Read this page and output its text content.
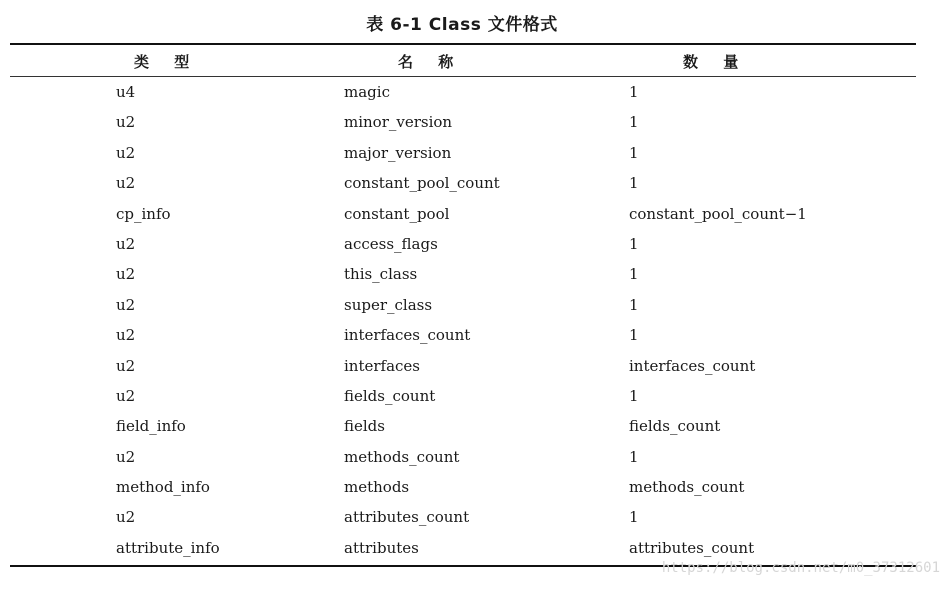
表 6-1 Class 文件格式
类 型	名 称	数 量
u4	magic	1
u2	minor_version	1
u2	major_version	1
u2	constant_pool_count	1
cp_info	constant_pool	constant_pool_count−1
u2	access_flags	1
u2	this_class	1
u2	super_class	1
u2	interfaces_count	1
u2	interfaces	interfaces_count
u2	fields_count	1
field_info	fields	fields_count
u2	methods_count	1
method_info	methods	methods_count
u2	attributes_count	1
attribute_info	attributes	attributes_count
https://blog.csdn.net/m0_37312601
